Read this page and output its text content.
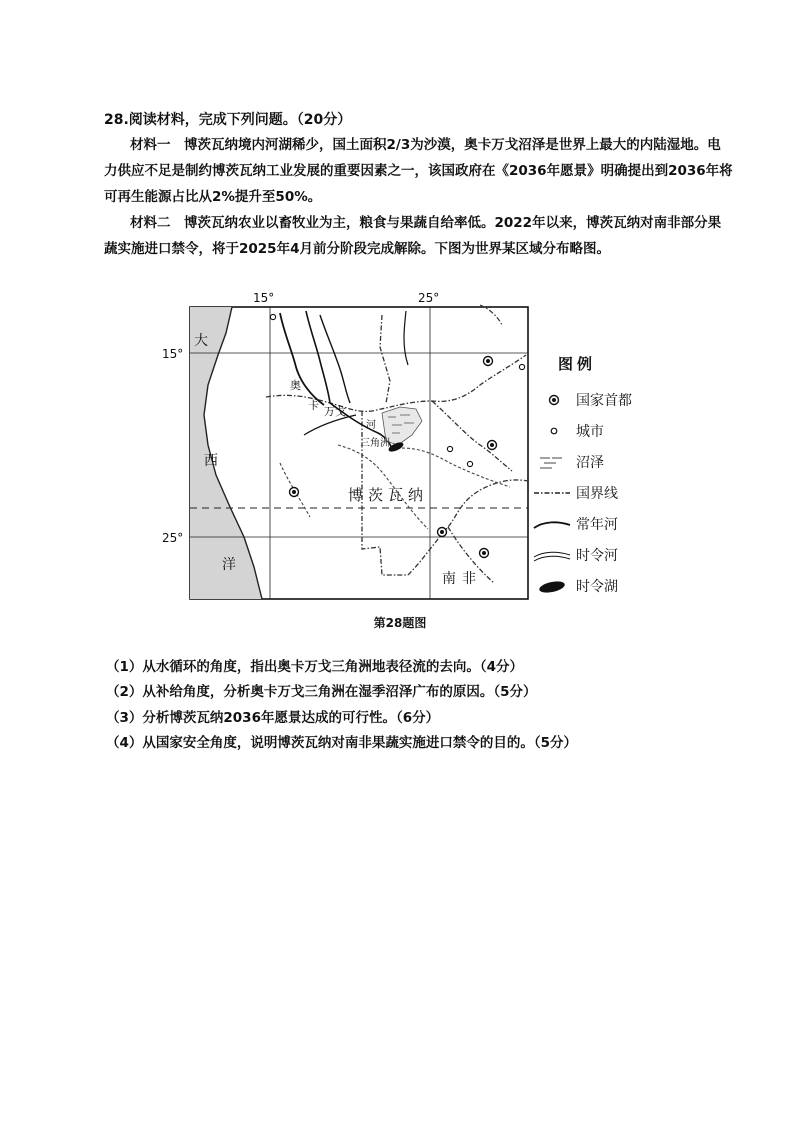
28.阅读材料，完成下列问题。（20分）
材料一　博茨瓦纳境内河湖稀少，国土面积2/3为沙漠，奥卡万戈沼泽是世界上最大的内陆湿地。电力供应不足是制约博茨瓦纳工业发展的重要因素之一，该国政府在《2036年愿景》明确提出到2036年将可再生能源占比从2%提升至50%。
材料二　博茨瓦纳农业以畜牧业为主，粮食与果蔬自给率低。2022年以来，博茨瓦纳对南非部分果蔬实施进口禁令，将于2025年4月前分阶段完成解除。下图为世界某区域分布略图。
15°	25°
15°
25°
大
西
洋
奥
卡 万戈
河
三角洲
博茨瓦纳
南非
图例
国家首都
城市
沼泽
国界线
常年河
时令河
时令湖
第28题图
（1）从水循环的角度，指出奥卡万戈三角洲地表径流的去向。（4分）
（2）从补给角度，分析奥卡万戈三角洲在湿季沼泽广布的原因。（5分）
（3）分析博茨瓦纳2036年愿景达成的可行性。（6分）
（4）从国家安全角度，说明博茨瓦纳对南非果蔬实施进口禁令的目的。（5分）
